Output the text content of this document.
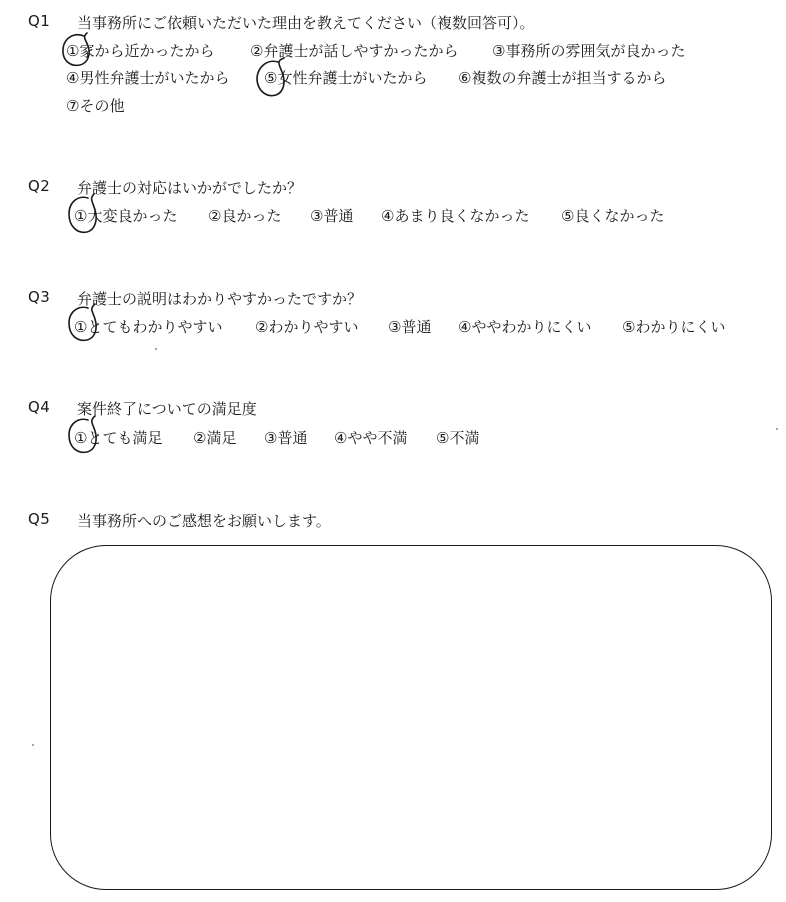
Q1 当事務所にご依頼いただいた理由を教えてください（複数回答可）。
①家から近かったから ②弁護士が話しやすかったから ③事務所の雰囲気が良かった
④男性弁護士がいたから ⑤女性弁護士がいたから ⑥複数の弁護士が担当するから
⑦その他
Q2 弁護士の対応はいかがでしたか？
①大変良かった ②良かった ③普通 ④あまり良くなかった ⑤良くなかった
Q3 弁護士の説明はわかりやすかったですか？
①とてもわかりやすい ②わかりやすい ③普通 ④ややわかりにくい ⑤わかりにくい
Q4 案件終了についての満足度
①とても満足 ②満足 ③普通 ④やや不満 ⑤不満
Q5 当事務所へのご感想をお願いします。
